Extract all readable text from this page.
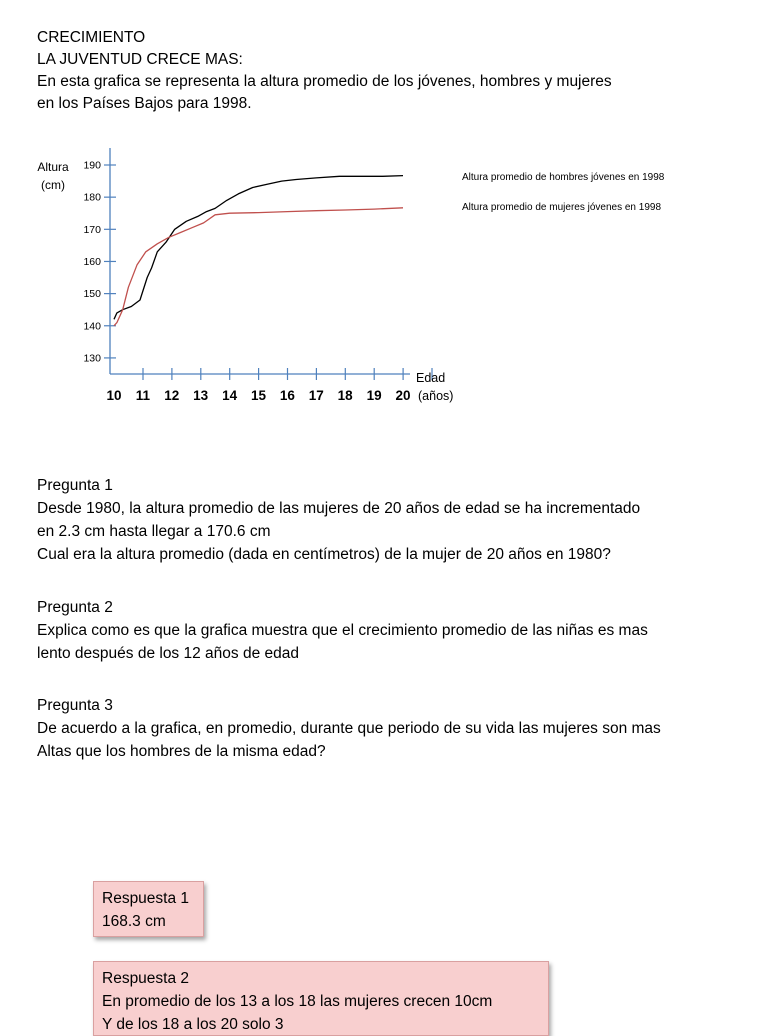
CRECIMIENTO
LA JUVENTUD CRECE MAS:
En esta grafica se representa la altura promedio de los jóvenes, hombres y mujeres
en los Países Bajos para 1998.
130
140
150
160
170
180
190
10 11 12 13 14 15 16 17 18 19 20
Altura promedio de hombres jóvenes en 1998
Altura promedio de mujeres jóvenes en 1998
Altura
(cm)
Edad
(años)
Pregunta 1
Desde 1980, la altura promedio de las mujeres de 20 años de edad se ha incrementado
en 2.3 cm hasta llegar a 170.6 cm
Cual era la altura promedio (dada en centímetros) de la mujer de 20 años en 1980?
Pregunta 2
Explica como es que la grafica muestra que el crecimiento promedio de las niñas es mas
lento después de los 12 años de edad
Pregunta 3
De acuerdo a la grafica, en promedio, durante que periodo de su vida las mujeres son mas
Altas que los hombres de la misma edad?
Respuesta 1
168.3 cm
Respuesta 2
En promedio de los 13 a los 18 las mujeres crecen 10cm
Y de los 18 a los 20 solo 3
